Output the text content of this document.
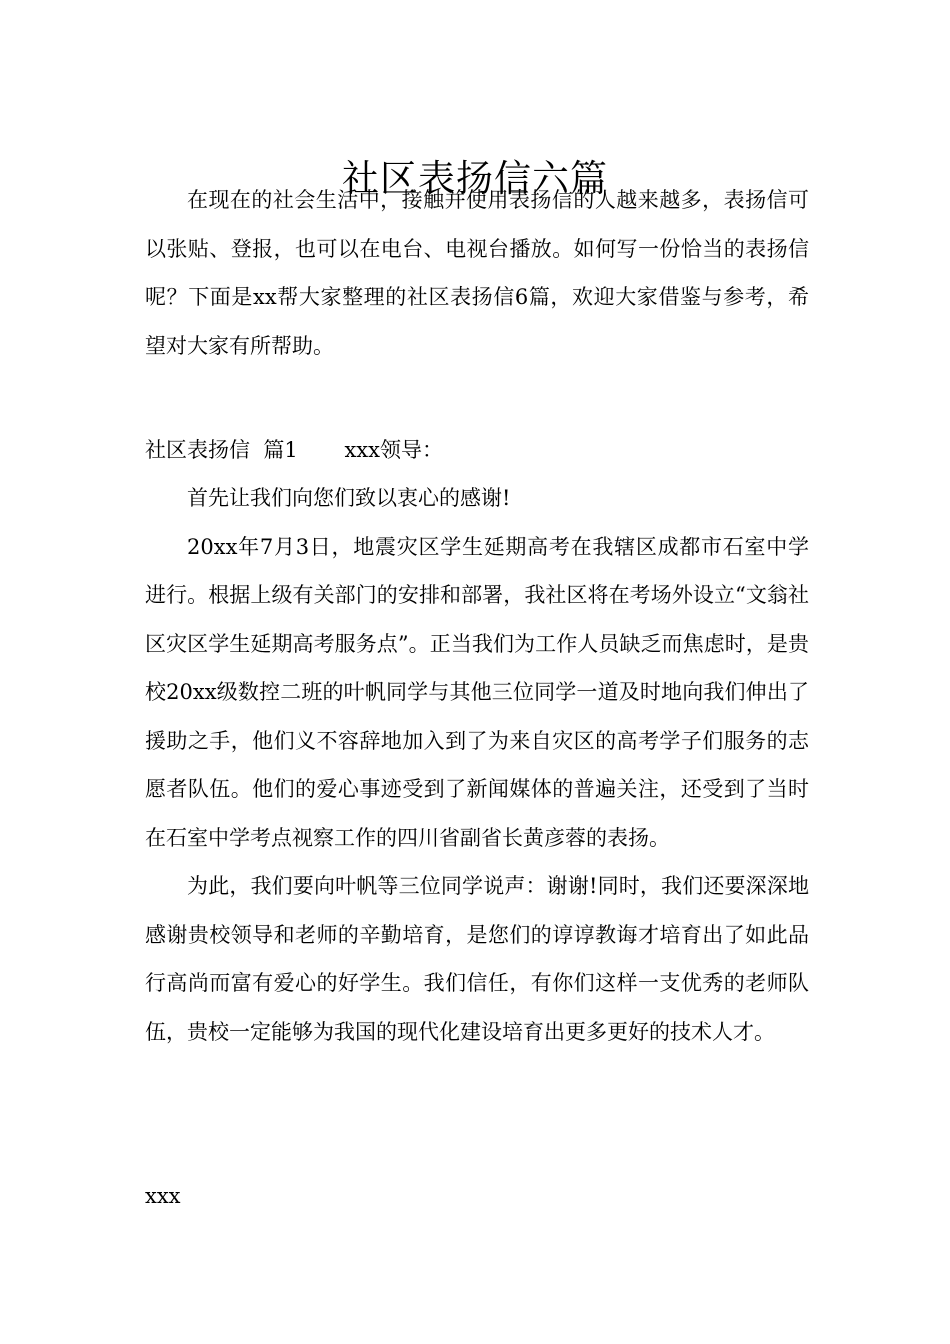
社区表扬信六篇

在现在的社会生活中，接触并使用表扬信的人越来越多，表扬信可以张贴、登报，也可以在电台、电视台播放。如何写一份恰当的表扬信呢？下面是xx帮大家整理的社区表扬信6篇，欢迎大家借鉴与参考，希望对大家有所帮助。

社区表扬信  篇1 xxx领导：

首先让我们向您们致以衷心的感谢!

20xx年7月3日，地震灾区学生延期高考在我辖区成都市石室中学进行。根据上级有关部门的安排和部署，我社区将在考场外设立“文翁社区灾区学生延期高考服务点”。正当我们为工作人员缺乏而焦虑时，是贵校20xx级数控二班的叶帆同学与其他三位同学一道及时地向我们伸出了援助之手，他们义不容辞地加入到了为来自灾区的高考学子们服务的志愿者队伍。他们的爱心事迹受到了新闻媒体的普遍关注，还受到了当时在石室中学考点视察工作的四川省副省长黄彦蓉的表扬。

为此，我们要向叶帆等三位同学说声：谢谢!同时，我们还要深深地感谢贵校领导和老师的辛勤培育，是您们的谆谆教诲才培育出了如此品行高尚而富有爱心的好学生。我们信任，有你们这样一支优秀的老师队伍，贵校一定能够为我国的现代化建设培育出更多更好的技术人才。

xxx
